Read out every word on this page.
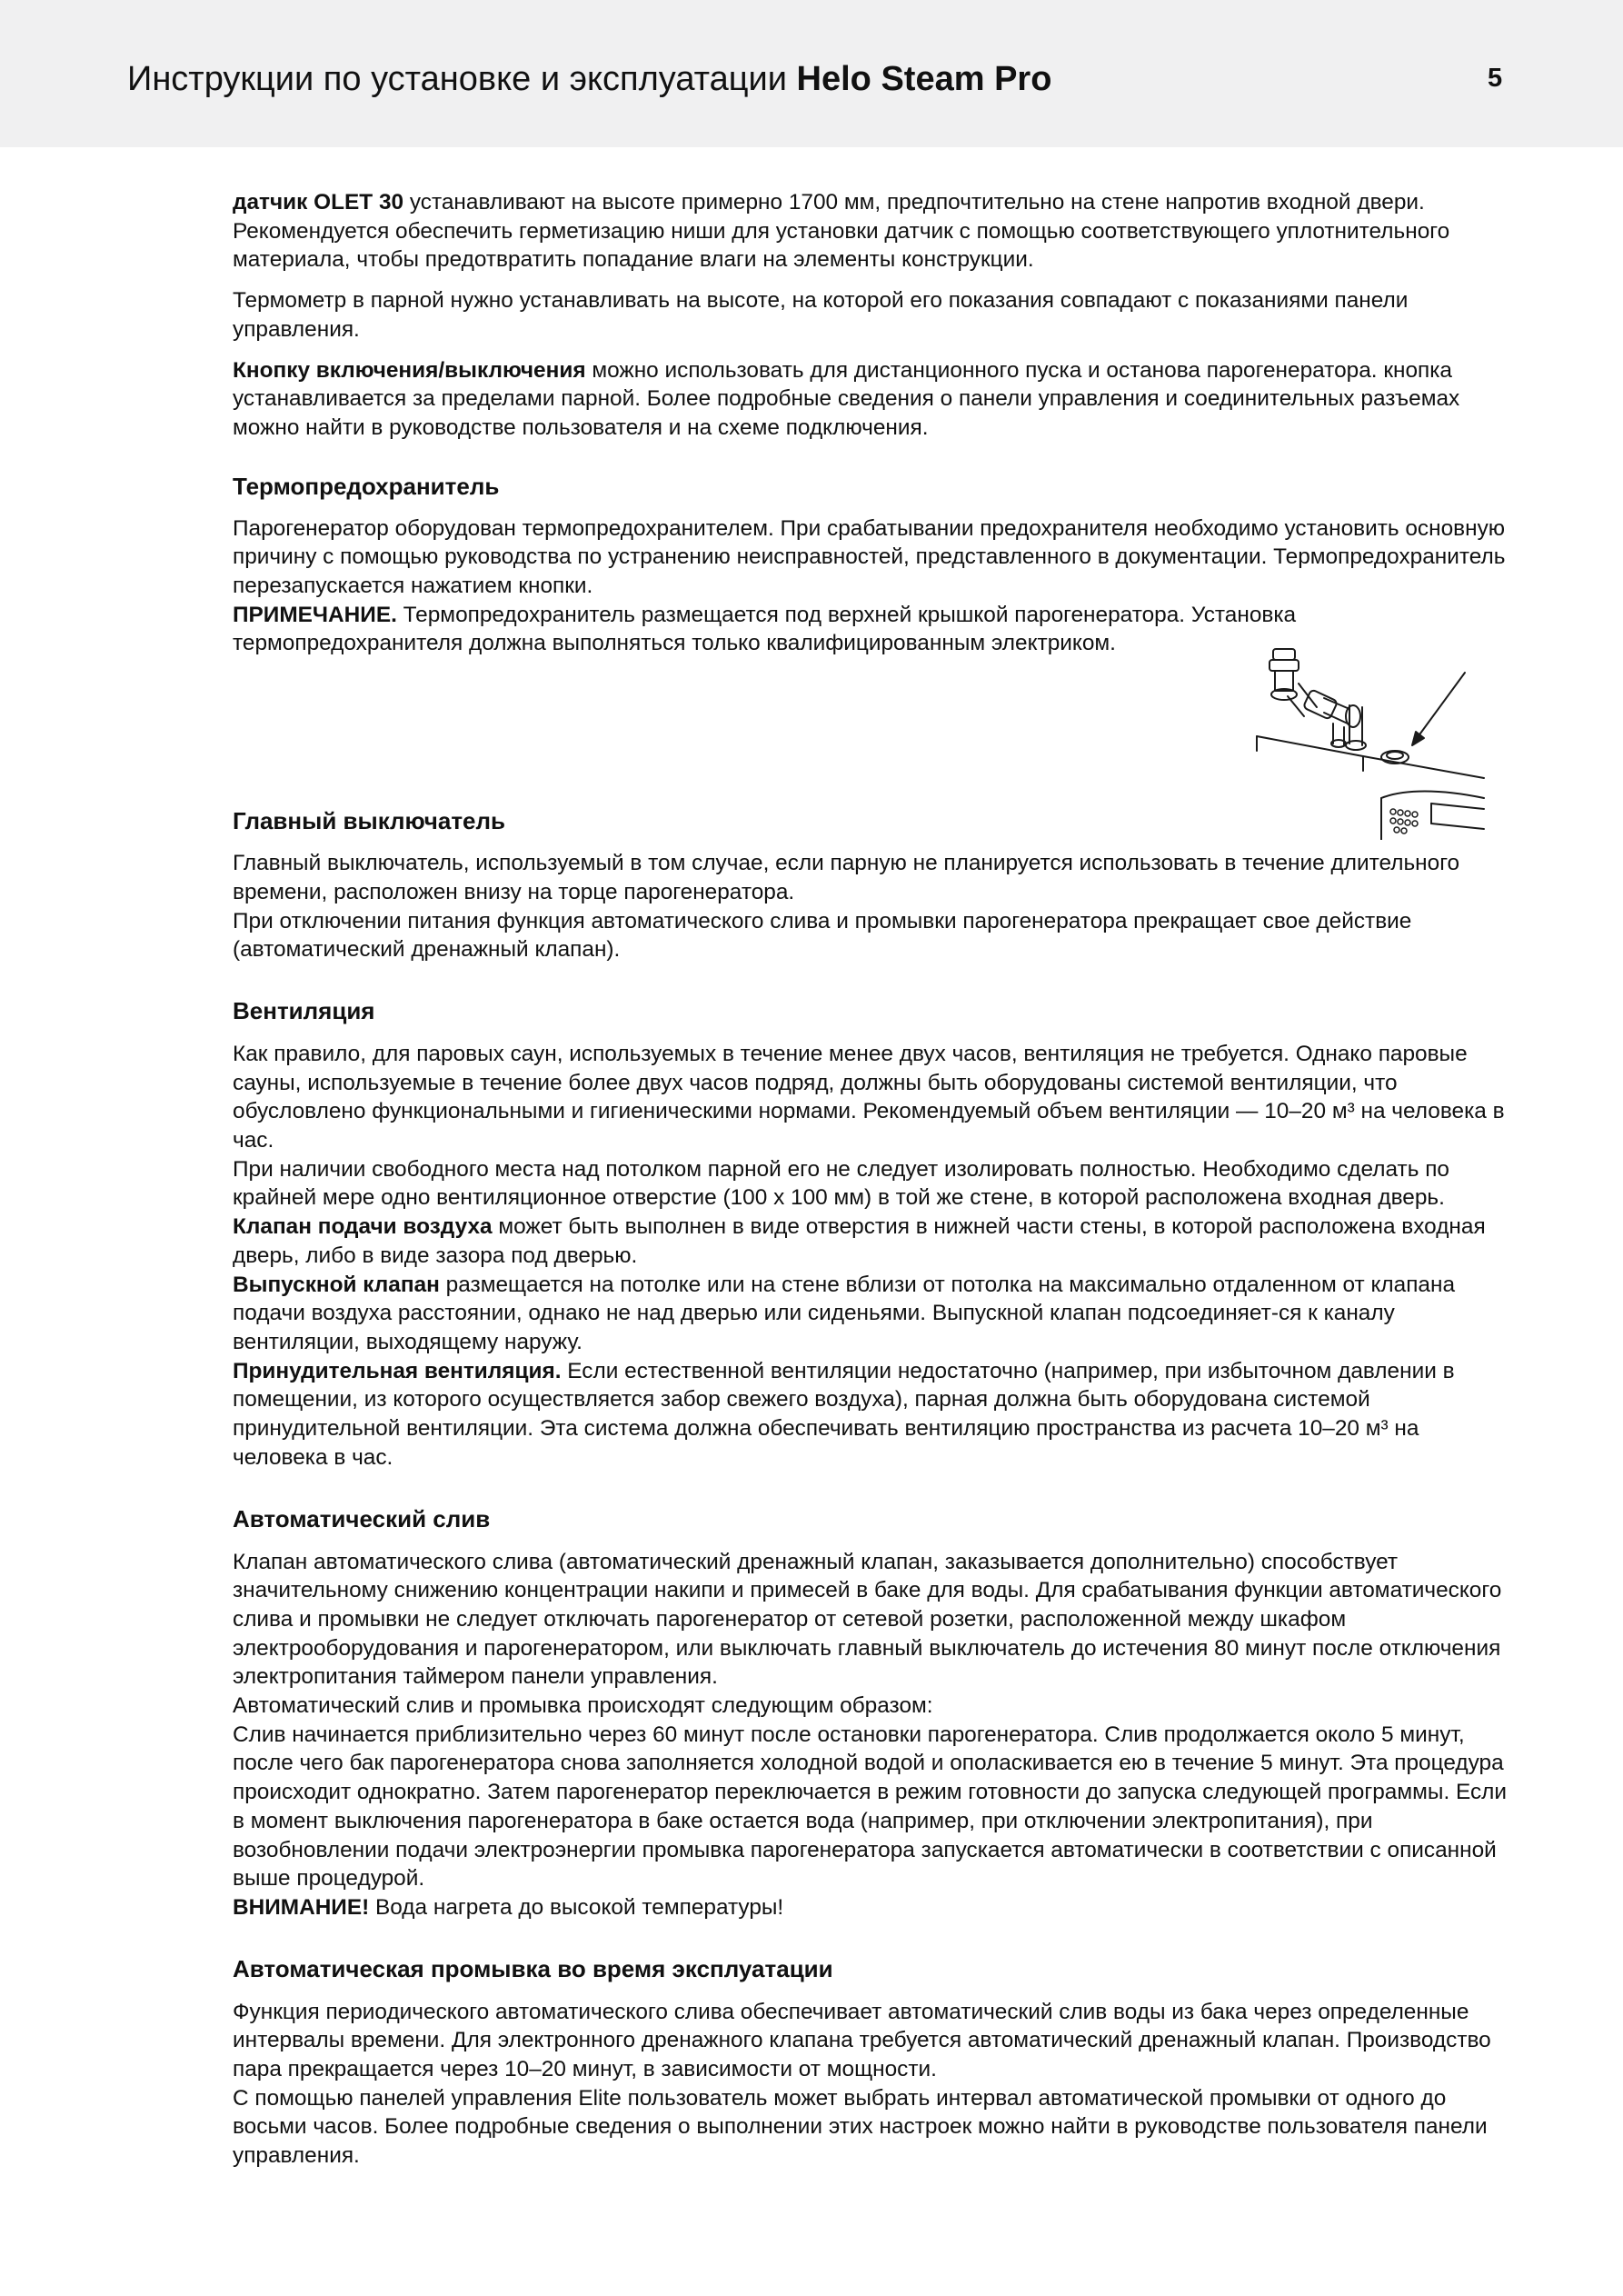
Инструкции по установке и эксплуатации Helo Steam Pro	5

датчик OLET 30 устанавливают на высоте примерно 1700 мм, предпочтительно на стене напротив входной двери. Рекомендуется обеспечить герметизацию ниши для установки датчик с помощью соответствующего уплотнительного материала, чтобы предотвратить попадание влаги на элементы конструкции.

Термометр в парной нужно устанавливать на высоте, на которой его показания совпадают с показаниями панели управления.

Кнопку включения/выключения можно использовать для дистанционного пуска и останова парогенератора. кнопка устанавливается за пределами парной. Более подробные сведения о панели управления и соединительных разъемах можно найти в руководстве пользователя и на схеме подключения.

Термопредохранитель

Парогенератор оборудован термопредохранителем. При срабатывании предохранителя необходимо установить основную причину с помощью руководства по устранению неисправностей, представленного в документации. Термопредохранитель перезапускается нажатием кнопки.

ПРИМЕЧАНИЕ. Термопредохранитель размещается под верхней крышкой парогенератора. Установка термопредохранителя должна выполняться только квалифицированным электриком.

Главный выключатель

Главный выключатель, используемый в том случае, если парную не планируется использовать в течение длительного времени, расположен внизу на торце парогенератора.

При отключении питания функция автоматического слива и промывки парогенератора прекращает свое действие

(автоматический дренажный клапан).

Вентиляция

Как правило, для паровых саун, используемых в течение менее двух часов, вентиляция не требуется. Однако паровые сауны, используемые в течение более двух часов подряд, должны быть оборудованы системой вентиляции, что обусловлено функциональными и гигиеническими нормами. Рекомендуемый объем вентиляции — 10–20 м³ на человека в час.

При наличии свободного места над потолком парной его не следует изолировать полностью. Необходимо сделать по крайней мере одно вентиляционное отверстие (100 x 100 мм) в той же стене, в которой расположена входная дверь.

Клапан подачи воздуха может быть выполнен в виде отверстия в нижней части стены, в которой расположена входная дверь, либо в виде зазора под дверью.

Выпускной клапан размещается на потолке или на стене вблизи от потолка на максимально отдаленном от клапана подачи воздуха расстоянии, однако не над дверью или сиденьями. Выпускной клапан подсоединяет-ся к каналу вентиляции, выходящему наружу.

Принудительная вентиляция. Если естественной вентиляции недостаточно (например, при избыточном давлении в помещении, из которого осуществляется забор свежего воздуха), парная должна быть оборудована системой принудительной вентиляции. Эта система должна обеспечивать вентиляцию пространства из расчета 10–20 м³ на человека в час.

Автоматический слив

Клапан автоматического слива (автоматический дренажный клапан, заказывается дополнительно) способствует значительному снижению концентрации накипи и примесей в баке для воды. Для срабатывания функции автоматического слива и промывки не следует отключать парогенератор от сетевой розетки, расположенной между шкафом электрооборудования и парогенератором, или выключать главный выключатель до истечения 80 минут после отключения электропитания таймером панели управления.

Автоматический слив и промывка происходят следующим образом:

Слив начинается приблизительно через 60 минут после остановки парогенератора. Слив продолжается около 5 минут, после чего бак парогенератора снова заполняется холодной водой и ополаскивается ею в течение 5 минут. Эта процедура происходит однократно. Затем парогенератор переключается в режим готовности до запуска следующей программы. Если в момент выключения парогенератора в баке остается вода (например, при отключении электропитания), при возобновлении подачи электроэнергии промывка парогенератора запускается автоматически в соответствии с описанной выше процедурой.

ВНИМАНИЕ! Вода нагрета до высокой температуры!

Автоматическая промывка во время эксплуатации

Функция периодического автоматического слива обеспечивает автоматический слив воды из бака через определенные интервалы времени. Для электронного дренажного клапана требуется автоматический дренажный клапан. Производство пара прекращается через 10–20 минут, в зависимости от мощности.

С помощью панелей управления Elite пользователь может выбрать интервал автоматической промывки от одного до восьми часов. Более подробные сведения о выполнении этих настроек можно найти в руководстве пользователя панели управления.
